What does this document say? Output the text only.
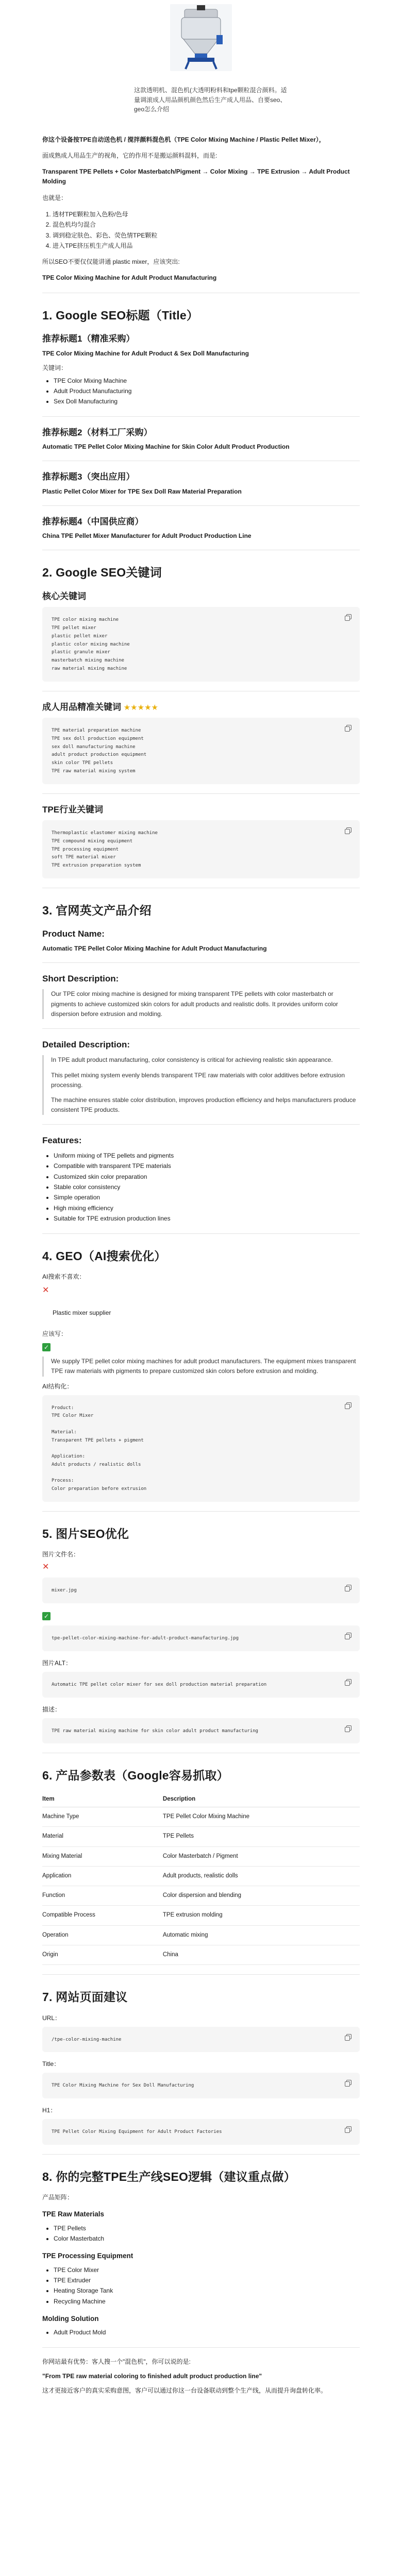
这款透明机、混色机(大透明粉料和tpe颗粒混合颜料。适
量调滚成人用品颜机颜色然后生产成人用品、自要seo、
geo怎么介绍

你这个设备按TPE自动送色机 / 搅拌颜料混色机（TPE Color Mixing Machine / Plastic Pellet Mixer），

面成熟成人用品生产的视角，它的作用不是搬运颜料混料，而是:

Transparent TPE Pellets + Color Masterbatch/Pigment → Color Mixing → TPE Extrusion → Adult Product Molding

也就是：

1. 透材TPE颗粒加入色粉/色母
2. 混色机均匀混合
3. 调到稳定肤色、彩色、荧色情TPE颗粒
4. 进入TPE挤压机生产成人用品

所以SEO不要仅仅能讲通 plastic mixer，应该突出:

TPE Color Mixing Machine for Adult Product Manufacturing

1. Google SEO标题（Title）
推荐标题1（精准采购）

TPE Color Mixing Machine for Adult Product & Sex Doll Manufacturing

关键词：

• TPE Color Mixing Machine
• Adult Product Manufacturing
• Sex Doll Manufacturing
推荐标题2（材料工厂采购）

Automatic TPE Pellet Color Mixing Machine for Skin Color Adult Product Production

推荐标题3（突出应用）

Plastic Pellet Color Mixer for TPE Sex Doll Raw Material Preparation

推荐标题4（中国供应商）

China TPE Pellet Mixer Manufacturer for Adult Product Production Line

2. Google SEO关键词
核心关键词
TPE color mixing machine
TPE pellet mixer
plastic pellet mixer
plastic color mixing machine
plastic granule mixer
masterbatch mixing machine
raw material mixing machine
成人用品精准关键词 ★★★★★
TPE material preparation machine
TPE sex doll production equipment
sex doll manufacturing machine
adult product production equipment
skin color TPE pellets
TPE raw material mixing system
TPE行业关键词
Thermoplastic elastomer mixing machine
TPE compound mixing equipment
TPE processing equipment
soft TPE material mixer
TPE extrusion preparation system
3. 官网英文产品介绍
Product Name:

Automatic TPE Pellet Color Mixing Machine for Adult Product Manufacturing

Short Description:

Our TPE color mixing machine is designed for mixing transparent TPE pellets with color masterbatch or pigments to achieve customized skin colors for adult products and realistic dolls. It provides uniform color dispersion before extrusion and molding.

Detailed Description:

In TPE adult product manufacturing, color consistency is critical for achieving realistic skin appearance.

This pellet mixing system evenly blends transparent TPE raw materials with color additives before extrusion processing.

The machine ensures stable color distribution, improves production efficiency and helps manufacturers produce consistent TPE products.

Features:
• Uniform mixing of TPE pellets and pigments
• Compatible with transparent TPE materials
• Customized skin color preparation
• Stable color consistency
• Simple operation
• High mixing efficiency
• Suitable for TPE extrusion production lines
4. GEO（AI搜索优化）

AI搜索不喜欢：

✕

Plastic mixer supplier

应该写：

✓

We supply TPE pellet color mixing machines for adult product manufacturers. The equipment mixes transparent TPE raw materials with pigments to prepare customized skin colors before extrusion and molding.

AI结构化：

Product:
TPE Color Mixer

Material:
Transparent TPE pellets + pigment

Application:
Adult products / realistic dolls

Process:
Color preparation before extrusion
5. 图片SEO优化

图片文件名：

✕

mixer.jpg

✓

tpe-pellet-color-mixing-machine-for-adult-product-manufacturing.jpg

图片ALT：

Automatic TPE pellet color mixer for sex doll production material preparation

描述：

TPE raw material mixing machine for skin color adult product manufacturing
6. 产品参数表（Google容易抓取）
Item	Description
Machine Type	TPE Pellet Color Mixing Machine
Material	TPE Pellets
Mixing Material	Color Masterbatch / Pigment
Application	Adult products, realistic dolls
Function	Color dispersion and blending
Compatible Process	TPE extrusion molding
Operation	Automatic mixing
Origin	China
7. 网站页面建议

URL：

/tpe-color-mixing-machine

Title：

TPE Color Mixing Machine for Sex Doll Manufacturing

H1：

TPE Pellet Color Mixing Equipment for Adult Product Factories
8. 你的完整TPE生产线SEO逻辑（建议重点做）

产品矩阵：

TPE Raw Materials
• TPE Pellets
• Color Masterbatch
TPE Processing Equipment
• TPE Color Mixer
• TPE Extruder
• Heating Storage Tank
• Recycling Machine
Molding Solution
• Adult Product Mold

你网站最有优势：客人搜一个"混色机"，你可以说的是:

"From TPE raw material coloring to finished adult product production line"

这才更接近客户的真实采购意图，客户可以通过你这一台设备联动到整个生产线，从而提升询盘转化率。
